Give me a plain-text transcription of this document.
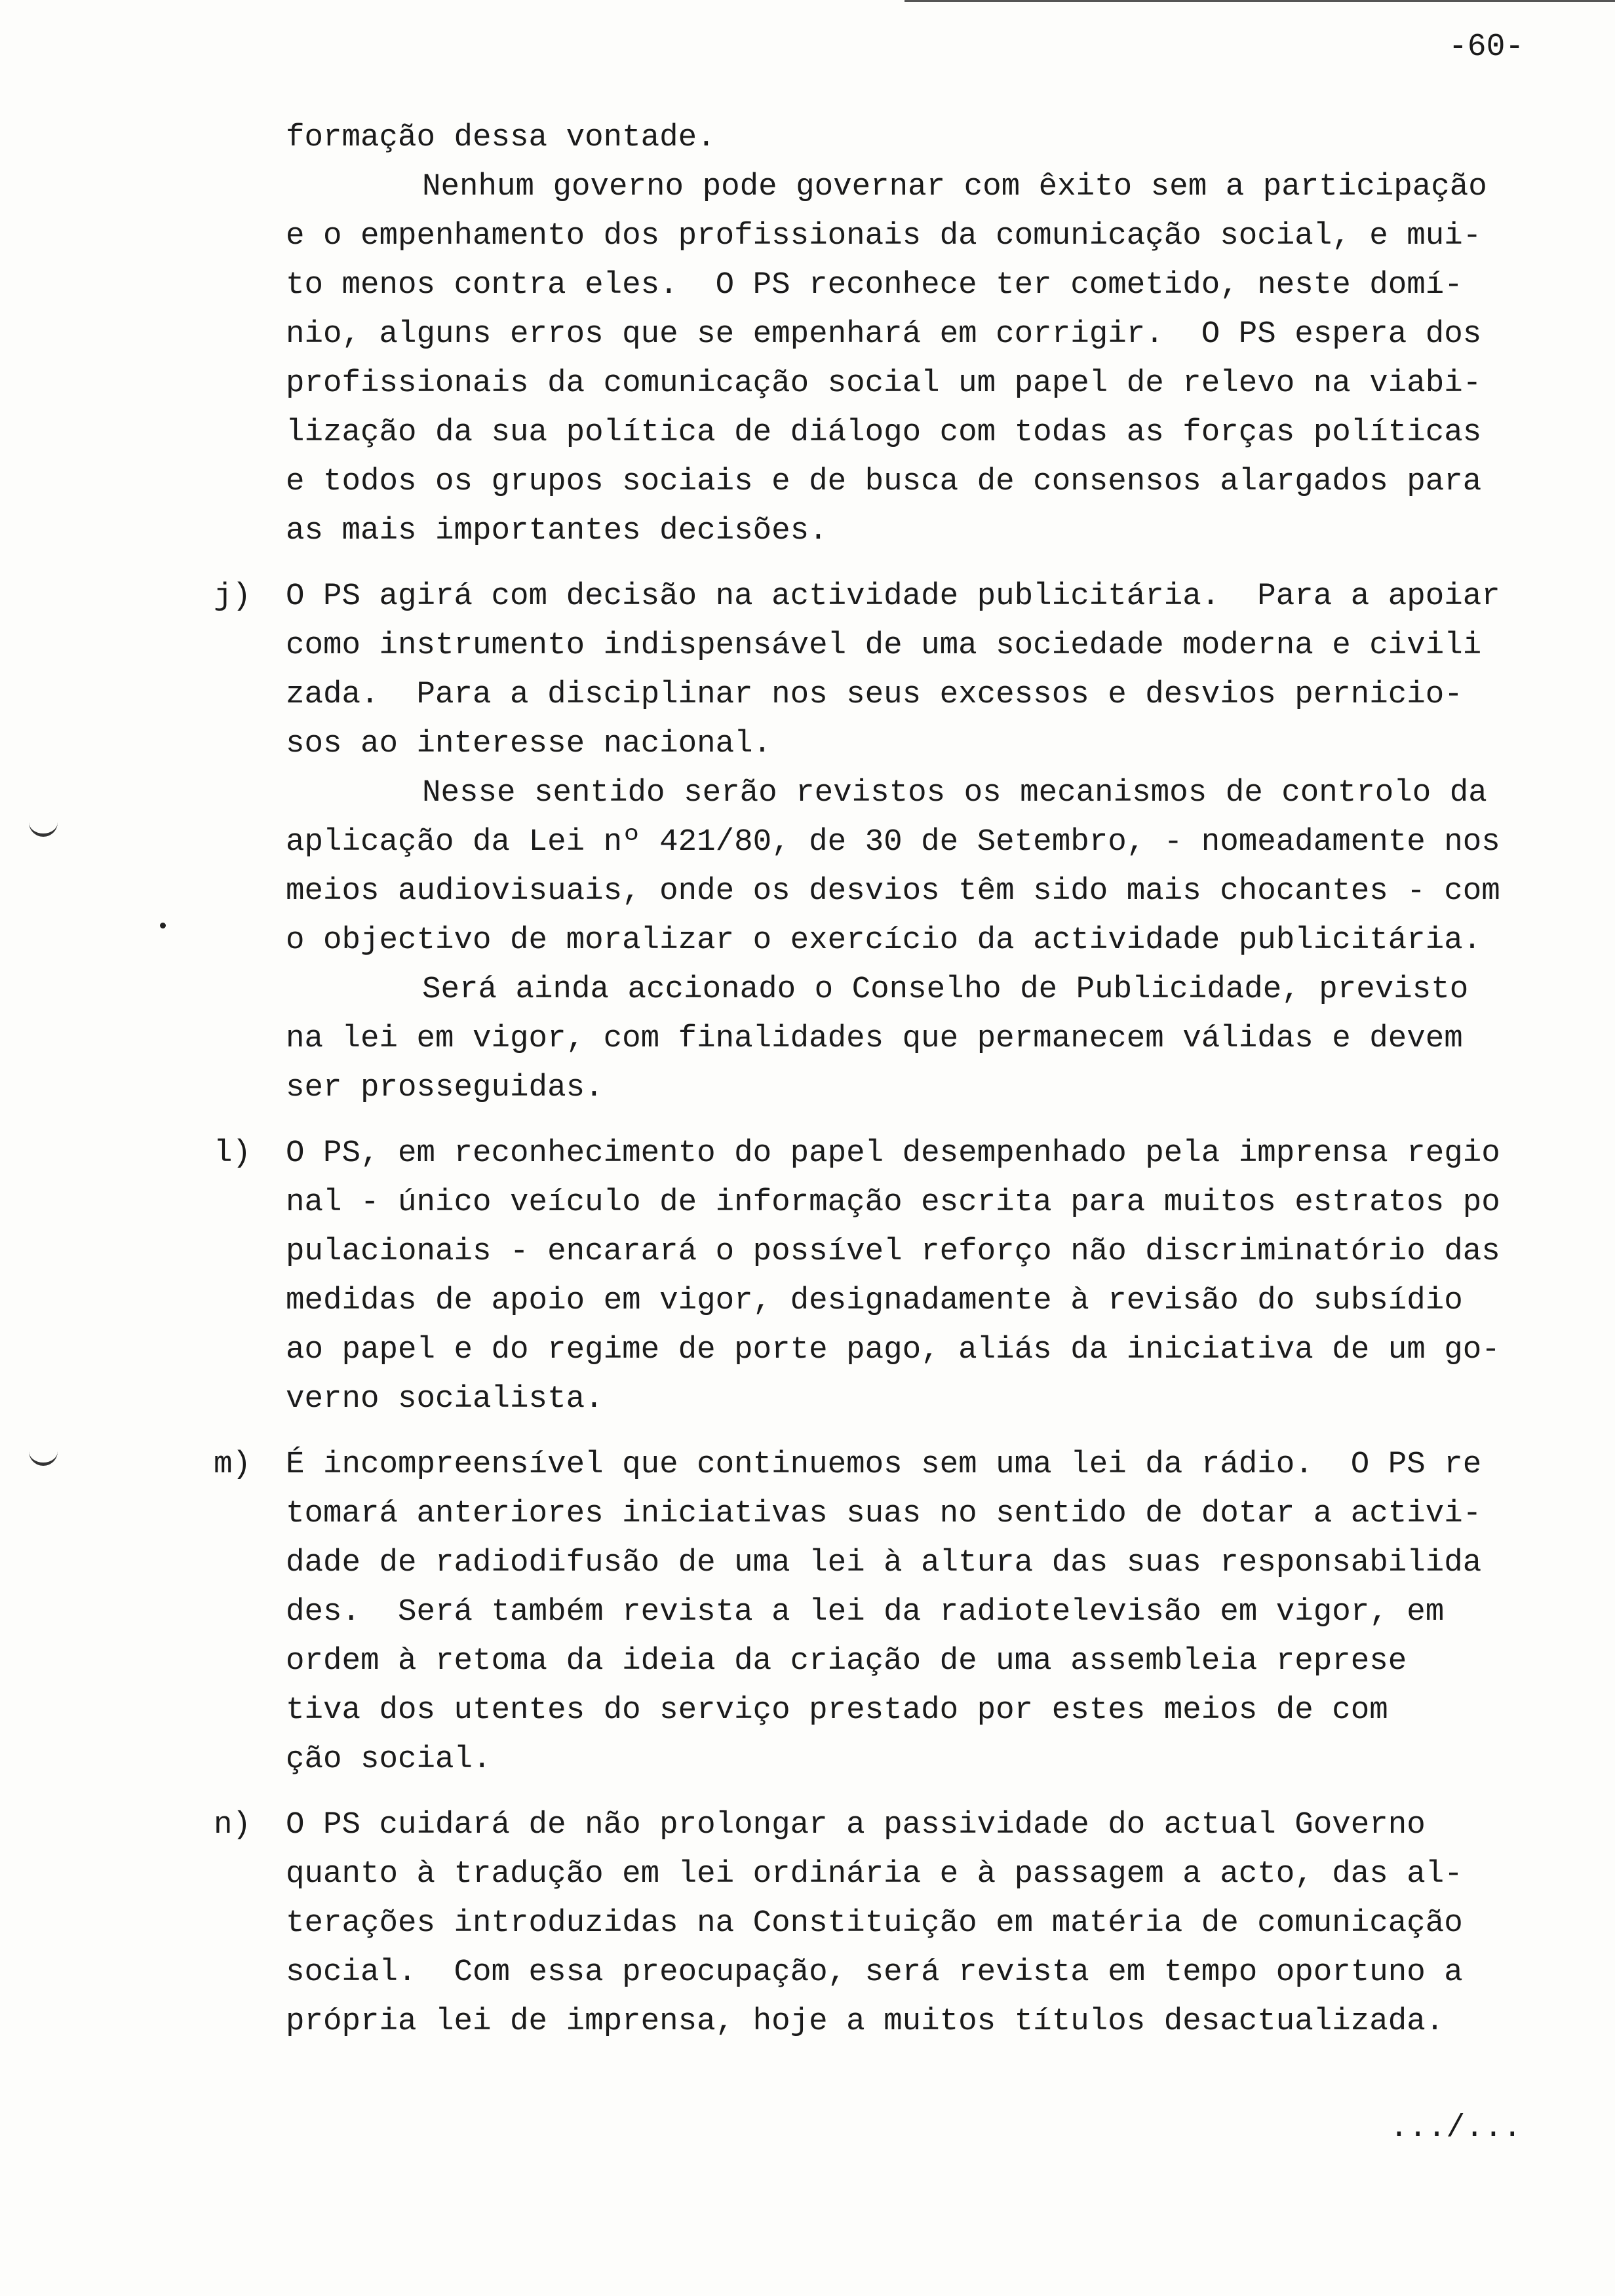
-60-
formação dessa vontade.
Nenhum governo pode governar com êxito sem a participação
e o empenhamento dos profissionais da comunicação social, e mui-
to menos contra eles.  O PS reconhece ter cometido, neste domí-
nio, alguns erros que se empenhará em corrigir.  O PS espera dos
profissionais da comunicação social um papel de relevo na viabi-
lização da sua política de diálogo com todas as forças políticas
e todos os grupos sociais e de busca de consensos alargados para
as mais importantes decisões.
j) O PS agirá com decisão na actividade publicitária.  Para a apoiar
como instrumento indispensável de uma sociedade moderna e civili
zada.  Para a disciplinar nos seus excessos e desvios pernicio-
sos ao interesse nacional.
Nesse sentido serão revistos os mecanismos de controlo da
aplicação da Lei nº 421/80, de 30 de Setembro, - nomeadamente nos
meios audiovisuais, onde os desvios têm sido mais chocantes - com
o objectivo de moralizar o exercício da actividade publicitária.
Será ainda accionado o Conselho de Publicidade, previsto
na lei em vigor, com finalidades que permanecem válidas e devem
ser prosseguidas.
l) O PS, em reconhecimento do papel desempenhado pela imprensa regio
nal - único veículo de informação escrita para muitos estratos po
pulacionais - encarará o possível reforço não discriminatório das
medidas de apoio em vigor, designadamente à revisão do subsídio
ao papel e do regime de porte pago, aliás da iniciativa de um go-
verno socialista.
m) É incompreensível que continuemos sem uma lei da rádio.  O PS re
tomará anteriores iniciativas suas no sentido de dotar a activi-
dade de radiodifusão de uma lei à altura das suas responsabilida
des.  Será também revista a lei da radiotelevisão em vigor, em
ordem à retoma da ideia da criação de uma assembleia represe
tiva dos utentes do serviço prestado por estes meios de com
ção social.
n) O PS cuidará de não prolongar a passividade do actual Governo
quanto à tradução em lei ordinária e à passagem a acto, das al-
terações introduzidas na Constituição em matéria de comunicação
social.  Com essa preocupação, será revista em tempo oportuno a
própria lei de imprensa, hoje a muitos títulos desactualizada.
.../...
